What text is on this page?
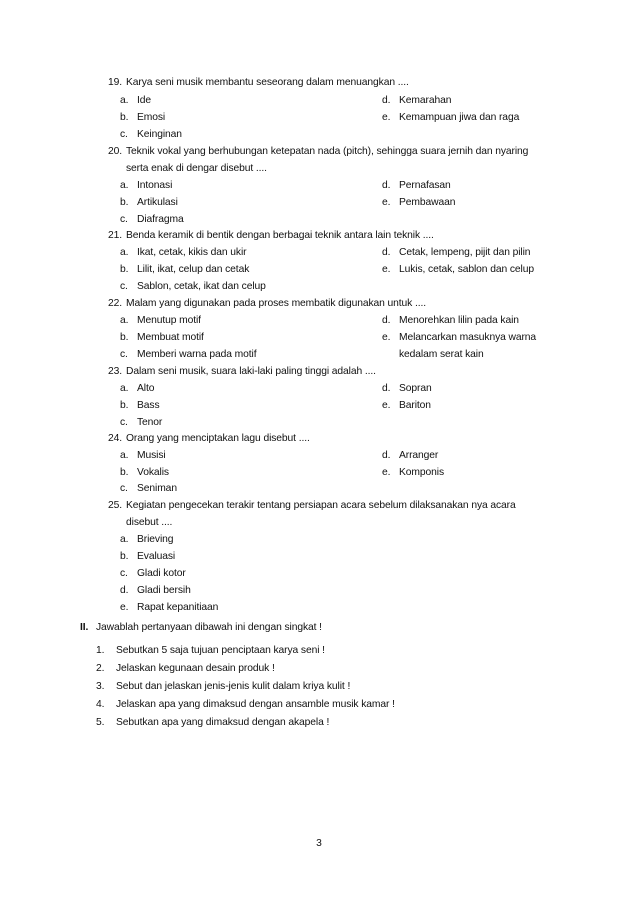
19. Karya seni musik membantu seseorang dalam menuangkan ....
a. Ide	d. Kemarahan
b. Emosi	e. Kemampuan jiwa dan raga
c. Keinginan
20. Teknik vokal yang berhubungan ketepatan nada (pitch), sehingga suara jernih dan nyaring
serta enak di dengar disebut ....
a. Intonasi	d. Pernafasan
b. Artikulasi	e. Pembawaan
c. Diafragma
21. Benda keramik di bentik dengan berbagai teknik antara lain teknik ....
a. Ikat, cetak, kikis dan ukir	d. Cetak, lempeng, pijit dan pilin
b. Lilit, ikat, celup dan cetak	e. Lukis, cetak, sablon dan celup
c. Sablon, cetak, ikat dan celup
22. Malam yang digunakan pada proses membatik digunakan untuk ....
a. Menutup motif	d. Menorehkan lilin pada kain
b. Membuat motif	e. Melancarkan masuknya warna
c. Memberi warna pada motif	kedalam serat kain
23. Dalam seni musik, suara laki-laki paling tinggi adalah ....
a. Alto	d. Sopran
b. Bass	e. Bariton
c. Tenor
24. Orang yang menciptakan lagu disebut ....
a. Musisi	d. Arranger
b. Vokalis	e. Komponis
c. Seniman
25. Kegiatan pengecekan terakir tentang persiapan acara sebelum dilaksanakan nya acara
disebut ....
a. Brieving
b. Evaluasi
c. Gladi kotor
d. Gladi bersih
e. Rapat kepanitiaan
II. Jawablah pertanyaan dibawah ini dengan singkat !
1. Sebutkan 5 saja tujuan penciptaan karya seni !
2. Jelaskan kegunaan desain produk !
3. Sebut dan jelaskan jenis-jenis kulit dalam kriya kulit !
4. Jelaskan apa yang dimaksud dengan ansamble musik kamar !
5. Sebutkan apa yang dimaksud dengan akapela !
3
